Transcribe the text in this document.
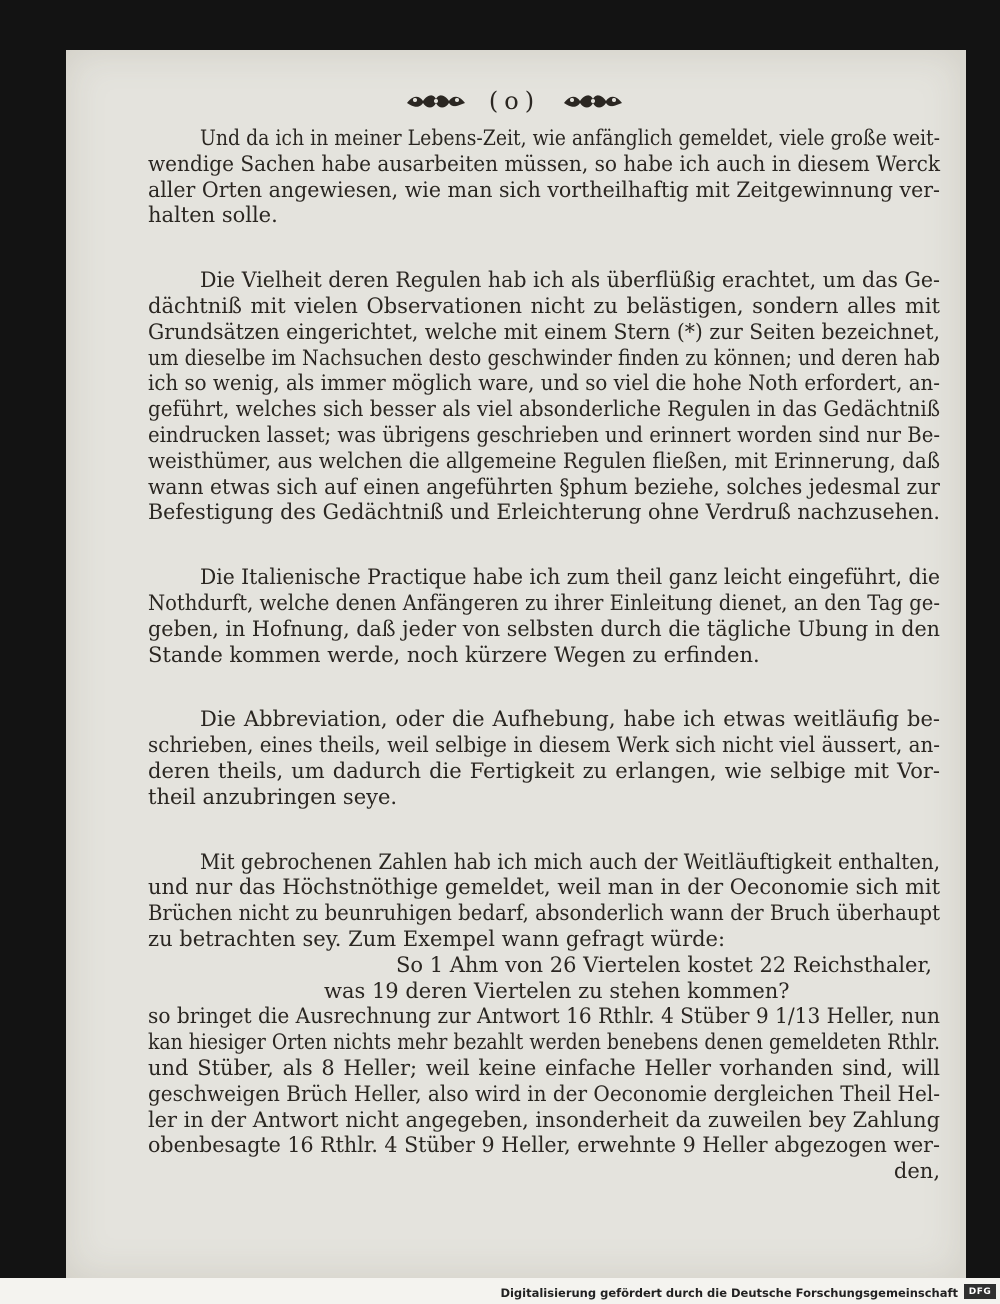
(o)

Und da ich in meiner Lebens-Zeit, wie anfänglich gemeldet, viele große weit-
wendige Sachen habe ausarbeiten müssen, so habe ich auch in diesem Werck
aller Orten angewiesen, wie man sich vortheilhaftig mit Zeitgewinnung ver-
halten solle.

Die Vielheit deren Regulen hab ich als überflüßig erachtet, um das Ge-
dächtniß mit vielen Observationen nicht zu belästigen, sondern alles mit
Grundsätzen eingerichtet, welche mit einem Stern (*) zur Seiten bezeichnet,
um dieselbe im Nachsuchen desto geschwinder finden zu können; und deren hab
ich so wenig, als immer möglich ware, und so viel die hohe Noth erfordert, an-
geführt, welches sich besser als viel absonderliche Regulen in das Gedächtniß
eindrucken lasset; was übrigens geschrieben und erinnert worden sind nur Be-
weisthümer, aus welchen die allgemeine Regulen fließen, mit Erinnerung, daß
wann etwas sich auf einen angeführten §phum beziehe, solches jedesmal zur
Befestigung des Gedächtniß und Erleichterung ohne Verdruß nachzusehen.

Die Italienische Practique habe ich zum theil ganz leicht eingeführt, die
Nothdurft, welche denen Anfängeren zu ihrer Einleitung dienet, an den Tag ge-
geben, in Hofnung, daß jeder von selbsten durch die tägliche Ubung in den
Stande kommen werde, noch kürzere Wegen zu erfinden.

Die Abbreviation, oder die Aufhebung, habe ich etwas weitläufig be-
schrieben, eines theils, weil selbige in diesem Werk sich nicht viel äussert, an-
deren theils, um dadurch die Fertigkeit zu erlangen, wie selbige mit Vor-
theil anzubringen seye.

Mit gebrochenen Zahlen hab ich mich auch der Weitläuftigkeit enthalten,
und nur das Höchstnöthige gemeldet, weil man in der Oeconomie sich mit
Brüchen nicht zu beunruhigen bedarf, absonderlich wann der Bruch überhaupt
zu betrachten sey. Zum Exempel wann gefragt würde:
So 1 Ahm von 26 Viertelen kostet 22 Reichsthaler,
was 19 deren Viertelen zu stehen kommen?
so bringet die Ausrechnung zur Antwort 16 Rthlr. 4 Stüber 9 1/13 Heller, nun
kan hiesiger Orten nichts mehr bezahlt werden benebens denen gemeldeten Rthlr.
und Stüber, als 8 Heller; weil keine einfache Heller vorhanden sind, will
geschweigen Brüch Heller, also wird in der Oeconomie dergleichen Theil Hel-
ler in der Antwort nicht angegeben, insonderheit da zuweilen bey Zahlung
obenbesagte 16 Rthlr. 4 Stüber 9 Heller, erwehnte 9 Heller abgezogen wer-
den,

Digitalisierung gefördert durch die Deutsche Forschungsgemeinschaft	DFG
